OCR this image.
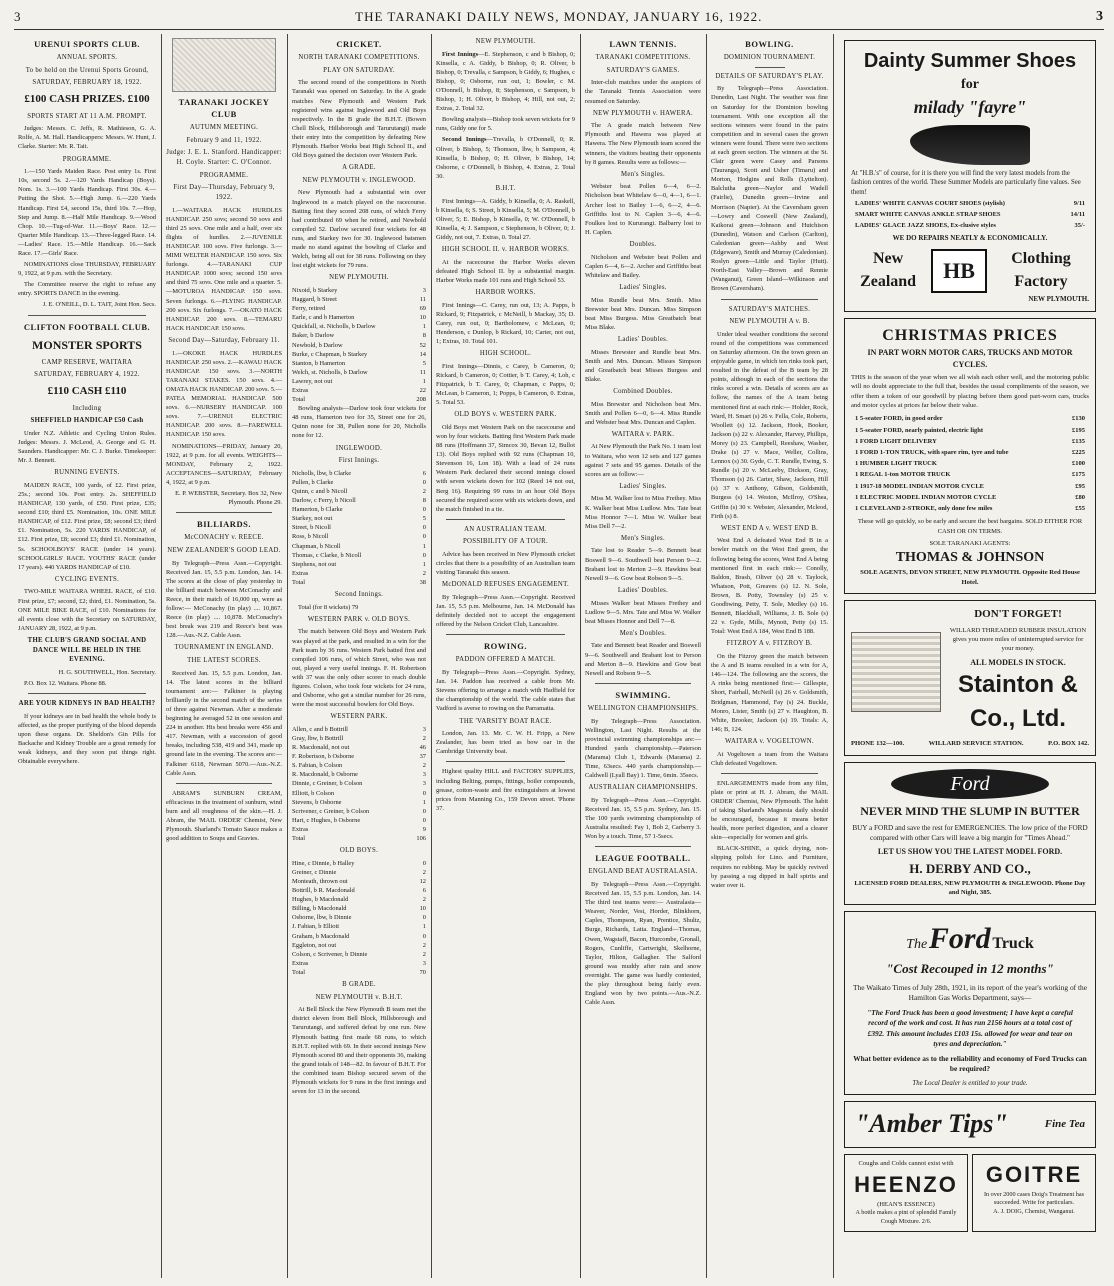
3	THE TARANAKI DAILY NEWS, MONDAY, JANUARY 16, 1922.	3
URENUI SPORTS CLUB.
ANNUAL SPORTS.
To be held on the Urenui Sports Ground,
SATURDAY, FEBRUARY 18, 1922.
£100 CASH PRIZES. £100
SPORTS START AT 11 A.M. PROMPT.
Judges: Messrs. C. Jeffs, R. Mathieson, G. A. Rolfe, A. M. Hall. Handicappers: Messrs. W. Hunt, J. Clarke. Starter: Mr. R. Tait.
PROGRAMME.
1.—150 Yards Maiden Race. Post entry 1s. First 10s, second 5s. 2.—120 Yards Handicap (Boys). Nom. 1s. 3.—100 Yards Handicap. First 30s. 4.—Putting the Shot. 5.—High Jump. 6.—220 Yards Handicap. First £4, second 15s, third 10s. 7.—Hop, Step and Jump. 8.—Half Mile Handicap. 9.—Wood Chop. 10.—Tug-of-War. 11.—Boys' Race. 12.—Quarter Mile Handicap. 13.—Three-legged Race. 14.—Ladies' Race. 15.—Mile Handicap. 16.—Sack Race. 17.—Girls' Race.
NOMINATIONS close THURSDAY, FEBRUARY 9, 1922, at 9 p.m. with the Secretary.
The Committee reserve the right to refuse any entry. SPORTS DANCE in the evening.
J. E. O'NEILL, D. L. TAIT, Joint Hon. Secs.
CLIFTON FOOTBALL CLUB.
MONSTER SPORTS
CAMP RESERVE, WAITARA
SATURDAY, FEBRUARY 4, 1922.
£110 CASH £110
Including
SHEFFIELD HANDICAP £50 Cash
Under N.Z. Athletic and Cycling Union Rules. Judges: Messrs. J. McLeod, A. George and G. H. Saunders. Handicapper: Mr. C. J. Burke. Timekeeper: Mr. J. Bennett.
RUNNING EVENTS.
MAIDEN RACE, 100 yards, of £2. First prize, 25s.; second 10s. Post entry. 2s. SHEFFIELD HANDICAP, 130 yards, of £50. First prize, £35; second £10; third £5. Nomination, 10s. ONE MILE HANDICAP, of £12. First prize, £8; second £3; third £1. Nomination, 5s. 220 YARDS HANDICAP, of £12. First prize, £8; second £3; third £1. Nomination, 5s. SCHOOLBOYS' RACE (under 14 years). SCHOOLGIRLS' RACE. YOUTHS' RACE (under 17 years). 440 YARDS HANDICAP of £10.
CYCLING EVENTS.
TWO-MILE WAITARA WHEEL RACE, of £10. First prize, £7; second, £2; third, £1. Nomination, 5s. ONE MILE BIKE RACE, of £10. Nominations for all events close with the Secretary on SATURDAY, JANUARY 28, 1922, at 9 p.m.
THE CLUB'S GRAND SOCIAL AND DANCE WILL BE HELD IN THE EVENING.
H. G. SOUTHWELL, Hon. Secretary.
P.O. Box 12. Waitara. Phone 88.
ARE YOUR KIDNEYS IN BAD HEALTH?
If your kidneys are in bad health the whole body is affected, as the proper purifying of the blood depends upon these organs. Dr. Sheldon's Gin Pills for Backache and Kidney Trouble are a great remedy for weak kidneys, and they soon put things right. Obtainable everywhere.
TARANAKI JOCKEY CLUB
AUTUMN MEETING.
February 9 and 11, 1922.
Judge: J. E. L. Stanford. Handicapper: H. Coyle. Starter: C. O'Connor.
PROGRAMME.
First Day—Thursday, February 9, 1922.
1.—WAITARA HACK HURDLES HANDICAP. 250 sovs; second 50 sovs and third 25 sovs. One mile and a half, over six flights of hurdles. 2.—JUVENILE HANDICAP. 100 sovs. Five furlongs. 3.—MIMI WELTER HANDICAP. 150 sovs. Six furlongs. 4.—TARANAKI CUP HANDICAP. 1000 sovs; second 150 sovs and third 75 sovs. One mile and a quarter. 5.—MOTUROA HANDICAP. 150 sovs. Seven furlongs. 6.—FLYING HANDICAP. 200 sovs. Six furlongs. 7.—OKATO HACK HANDICAP. 200 sovs. 8.—TEMARU HACK HANDICAP. 150 sovs.
Second Day—Saturday, February 11.
1.—OKOKE HACK HURDLES HANDICAP. 250 sovs. 2.—KAWAU HACK HANDICAP. 150 sovs. 3.—NORTH TARANAKI STAKES. 150 sovs. 4.—OMATA HACK HANDICAP. 200 sovs. 5.—PATEA MEMORIAL HANDICAP. 500 sovs. 6.—NURSERY HANDICAP. 100 sovs. 7.—URENUI ELECTRIC HANDICAP. 200 sovs. 8.—FAREWELL HANDICAP. 150 sovs.
NOMINATIONS—FRIDAY, January 20, 1922, at 9 p.m. for all events. WEIGHTS—MONDAY, February 2, 1922. ACCEPTANCES—SATURDAY, February 4, 1922, at 9 p.m.
E. P. WEBSTER, Secretary. Box 32, New Plymouth. Phone 29.
BILLIARDS.
McCONACHY v. REECE.
NEW ZEALANDER'S GOOD LEAD.
By Telegraph—Press Assn.—Copyright. Received Jan. 15, 5.5 p.m. London, Jan. 14. The scores at the close of play yesterday in the billiard match between McConachy and Reece, in their match of 16,000 up, were as follow:— McConachy (in play) .... 10,867. Reece (in play) .... 10,878. McConachy's best break was 219 and Reece's best was 128.—Aus.-N.Z. Cable Assn.
TOURNAMENT IN ENGLAND.
THE LATEST SCORES.
Received Jan. 15, 5.5 p.m. London, Jan. 14. The latest scores in the billiard tournament are:— Falkiner is playing brilliantly in the second match of the series of three against Newman. After a moderate beginning he averaged 52 in one session and 224 in another. His best breaks were 456 and 417. Newman, with a succession of good breaks, including 538, 419 and 341, made up ground late in the evening. The scores are:— Falkiner 6118, Newman 5070.—Aus.-N.Z. Cable Assn.
ABRAM'S SUNBURN CREAM, efficacious in the treatment of sunburn, wind burn and all roughness of the skin.—H. J. Abram, the 'MAIL ORDER' Chemist, New Plymouth. Sharland's Tomato Sauce makes a good addition to Soups and Gravies.
CRICKET.
NORTH TARANAKI COMPETITIONS.
PLAY ON SATURDAY.
The second round of the competitions in North Taranaki was opened on Saturday. In the A grade matches New Plymouth and Western Park registered wins against Inglewood and Old Boys respectively. In the B grade the B.H.T. (Bowen Chell Block, Hillsborough and Tarurutangi) made their entry into the competition by defeating New Plymouth. Harbor Works beat High School II., and Old Boys gained the decision over Western Park.
A GRADE.
NEW PLYMOUTH v. INGLEWOOD.
New Plymouth had a substantial win over Inglewood in a match played on the racecourse. Batting first they scored 208 runs, of which Ferry had contributed 69 when he retired, and Newbold compiled 52. Darlow secured four wickets for 48 runs, and Starkey two for 30. Inglewood batsmen made no stand against the bowling of Clarke and Welch, being all out for 38 runs. Following on they lost eight wickets for 79 runs.
NEW PLYMOUTH.
Nixoid, b Starkey	3
Haggard, b Street	11
Ferry, retired	69
Earle, c and b Hamerton	10
Quickfall, st. Nicholls, b Darlow	1
Baker, b Darlow	8
Newbold, b Darlow	52
Burke, c Chapman, b Starkey	14
Stanton, b Hamerton	5
Welch, st. Nicholls, b Darlow	11
Lawrey, not out	1
Extras	22
Total	208
Bowling analysis—Darlow took four wickets for 48 runs, Hamerton two for 35, Street one for 26, Quinn none for 38, Pullen none for 20, Nicholls none for 12.
INGLEWOOD.
First Innings.
Nicholls, lbw, b Clarke	6
Pullen, b Clarke	0
Quinn, c and b Nicoll	2
Darlow, c Ferry, b Nicoll	8
Hamerton, b Clarke	0
Starkey, not out	5
Street, b Nicoll	0
Ross, b Nicoll	0
Chapman, b Nicoll	1
Thomas, c Clarke, b Nicoll	0
Stephens, not out	1
Extras	2
Total	38
Second Innings.
Total (for 8 wickets) 79
WESTERN PARK v. OLD BOYS.
The match between Old Boys and Western Park was played at the park, and resulted in a win for the Park team by 36 runs. Western Park batted first and compiled 106 runs, of which Street, who was not out, played a very useful innings. F. H. Robertson with 37 was the only other scorer to reach double figures. Colson, who took four wickets for 24 runs, and Osborne, who got a similar number for 26 runs, were the most successful bowlers for Old Boys.
WESTERN PARK.
Allen, c and b Bottrill	3
Gray, lbw, b Bottrill	2
R. Macdonald, not out	46
F. Robertson, b Osborne	37
S. Fabian, b Colson	2
R. Macdonald, b Osborne	3
Dinnie, c Greiner, b Colson	3
Elliott, b Colson	0
Stevens, b Osborne	1
Scrivener, c Greiner, b Colson	0
Hart, c Hughes, b Osborne	0
Extras	9
Total	106
OLD BOYS.
Hine, c Dinnie, b Halley	0
Greiner, c Dinnie	2
Monteath, thrown out	12
Bottrill, b R. Macdonald	6
Hughes, b Macdonald	2
Billing, b Macdonald	10
Osborne, lbw, b Dinnie	0
J. Fabian, b Elliott	1
Graham, b Macdonald	0
Eggleton, not out	2
Colson, c Scrivener, b Dinnie	2
Extras	3
Total	70
B GRADE.
NEW PLYMOUTH v. B.H.T.
At Bell Block the New Plymouth B team met the district eleven from Bell Block, Hillsborough and Tarurutangi, and suffered defeat by one run. New Plymouth batting first made 68 runs, to which B.H.T. replied with 69. In their second innings New Plymouth scored 80 and their opponents 36, making the grand totals of 148—82. In favour of B.H.T. For the combined team Bishop secured seven of the Plymouth wickets for 9 runs in the first innings and seven for 13 in the second.
NEW PLYMOUTH.
First Innings—E. Stephenson, c and b Bishop, 0; Kinsella, c A. Giddy, b Bishop, 0; R. Oliver, b Bishop, 0; Trevalla, c Sampson, b Giddy, 6; Hughes, c Bishop, 0; Osborne, run out, 1; Bowler, c M. O'Donnell, b Bishop, 8; Stephenson, c Sampson, b Bishop, 1; H. Oliver, b Bishop, 4; Hill, not out, 2; Extras, 2. Total 32.
Bowling analysis—Bishop took seven wickets for 9 runs, Giddy one for 5.
Second Innings—Trevalla, b O'Donnell, 0; R. Oliver, b Bishop, 5; Thomson, lbw, b Sampson, 4; Kinsella, b Bishop, 0; H. Oliver, b Bishop, 14; Osborne, c O'Donnell, b Bishop, 4. Extras, 2. Total 30.
B.H.T.
First Innings—A. Giddy, b Kinsella, 0; A. Raskell, b Kinsella, 6; S. Street, b Kinsella, 5; M. O'Donnell, b Oliver, 5; E. Bishop, b Kinsella, 0; W. O'Donnell, b Kinsella, 4; J. Sampson, c Stephenson, b Oliver, 0; J. Giddy, not out, 7. Extras, 0. Total 27.
HIGH SCHOOL II. v. HARBOR WORKS.
At the racecourse the Harbor Works eleven defeated High School II. by a substantial margin. Harbor Works made 101 runs and High School 53.
HARBOR WORKS.
First Innings—C. Carey, run out, 13; A. Papps, b Rickard, 9; Fitzpatrick, c McNeill, b Mackay, 35; D. Carey, run out, 0; Bartholomew, c McLean, 0; Henderson, c Dunlop, b Rickard, 10; Carter, not out, 1; Extras, 10. Total 101.
HIGH SCHOOL.
First Innings—Dinnis, c Carey, b Cameron, 0; Rickard, b Cameron, 0; Cottier, b T. Carey, 4; Loh, c Fitzpatrick, b T. Carey, 0; Chapman, c Papps, 0; McLean, b Cameron, 1; Popps, b Cameron, 0. Extras, 5. Total 53.
OLD BOYS v. WESTERN PARK.
Old Boys met Western Park on the racecourse and won by four wickets. Batting first Western Park made 88 runs (Hoffmann 37, Simcox 30, Bevan 12, Bullot 13). Old Boys replied with 92 runs (Chapman 10, Stevenson 16, Lon 18). With a lead of 24 runs Western Park declared their second innings closed with seven wickets down for 102 (Reed 14 not out, Berg 16). Requiring 99 runs in an hour Old Boys secured the required score with six wickets down, and the match finished in a tie.
AN AUSTRALIAN TEAM.
POSSIBILITY OF A TOUR.
Advice has been received in New Plymouth cricket circles that there is a possibility of an Australian team visiting Taranaki this season.
McDONALD REFUSES ENGAGEMENT.
By Telegraph—Press Assn.—Copyright. Received Jan. 15, 5.5 p.m. Melbourne, Jan. 14. McDonald has definitely decided not to accept the engagement offered by the Nelson Cricket Club, Lancashire.
ROWING.
PADDON OFFERED A MATCH.
By Telegraph—Press Assn.—Copyright. Sydney, Jan. 14. Paddon has received a cable from Mr. Stevens offering to arrange a match with Hadfield for the championship of the world. The cable states that Vadford is averse to rowing on the Parramatta.
THE 'VARSITY BOAT RACE.
London, Jan. 13. Mr. C. W. H. Fripp, a New Zealander, has been tried as bow oar in the Cambridge University boat.
Highest quality HILL and FACTORY SUPPLIES, including Belting, pumps, fittings, boiler compounds, grease, cotton-waste and fire extinguishers at lowest prices from Manning Co., 159 Devon street. 'Phone 37.
LAWN TENNIS.
TARANAKI COMPETITIONS.
SATURDAY'S GAMES.
Inter-club matches under the auspices of the Taranaki Tennis Association were resumed on Saturday.
NEW PLYMOUTH v. HAWERA.
The A grade match between New Plymouth and Hawera was played at Hawera. The New Plymouth team scored the winners, the visitors beating their opponents by 8 games. Results were as follows:—
Men's Singles.
Webster beat Pollen 6—4, 6—2. Nicholson beat Whitelaw 6—0, 4—1, 6—1. Archer lost to Bailey 1—6, 6—2, 4—6. Griffiths lost to N. Caplen 3—6, 4—6. Foulkes lost to Kururangi. Balbarry lost to H. Caplen.
Doubles.
Nicholson and Webster beat Pollen and Caplen 6—4, 6—2. Archer and Griffiths beat Whitelaw and Bailey.
Ladies' Singles.
Miss Rundle beat Mrs. Smith. Miss Brewster beat Mrs. Duncan. Miss Simpson beat Miss Burgess. Miss Greatbatch beat Miss Blake.
Ladies' Doubles.
Misses Brewster and Rundle beat Mrs. Smith and Mrs. Duncan. Misses Simpson and Greatbatch beat Misses Burgess and Blake.
Combined Doubles.
Miss Brewster and Nicholson beat Mrs. Smith and Pollen 6—0, 6—4. Miss Rundle and Webster beat Mrs. Duncan and Caplen.
WAITARA v. PARK.
At New Plymouth the Park No. 1 team lost to Waitara, who won 12 sets and 127 games against 7 sets and 95 games. Details of the scores are as follow:—
Ladies' Singles.
Miss M. Walker lost to Miss Frethey. Miss K. Walker beat Miss Ludlow. Mrs. Tate beat Miss Honnor 7—1. Miss W. Walker beat Miss Dell 7—2.
Men's Singles.
Tate lost to Reader 5—9. Bennett beat Boswell 9—6. Southwell beat Person 9—2. Brabant lost to Merton 2—9. Hawkins beat Newell 9—6. Gow beat Robson 9—5.
Ladies' Doubles.
Misses Walker beat Misses Frethey and Ludlow 9—5. Mrs. Tate and Miss W. Walker beat Misses Honnor and Dell 7—8.
Men's Doubles.
Tate and Bennett beat Reader and Boswell 9—6. Southwell and Brabant lost to Person and Merton 8—9. Hawkins and Gow beat Newell and Robson 9—5.
SWIMMING.
WELLINGTON CHAMPIONSHIPS.
By Telegraph—Press Association. Wellington, Last Night. Results at the provincial swimming championships are:— Hundred yards championship.—Paterson (Marama) Club 1, Edwards (Marama) 2. Time, 63secs. 440 yards championship.—Caldwell (Lyall Bay) 1. Time, 6min. 35secs.
AUSTRALIAN CHAMPIONSHIPS.
By Telegraph—Press Assn.—Copyright. Received Jan. 15, 5.5 p.m. Sydney, Jan. 15. The 100 yards swimming championship of Australia resulted: Fay 1, Bob 2, Carberry 3. Won by a touch. Time, 57 1-5secs.
LEAGUE FOOTBALL.
ENGLAND BEAT AUSTRALASIA.
By Telegraph—Press Assn.—Copyright. Received Jan. 15, 5.5 p.m. London, Jan. 14. The third test teams were:— Australasia—Weaver, Norder, Vest, Horder, Blinkhorn, Caples, Thompson, Ryan, Prentice, Shultz, Burge, Richards, Latta. England—Thomas, Owen, Wagstaff, Bacon, Hurcombe, Gronall, Rogers, Cunliffe, Cartwright, Skelhorne, Taylor, Hilton, Gallagher. The Salford ground was muddy after rain and snow overnight. The game was hardly contested, the play throughout being fairly even. England won by two points.—Aus.-N.Z. Cable Assn.
BOWLING.
DOMINION TOURNAMENT.
DETAILS OF SATURDAY'S PLAY.
By Telegraph—Press Association. Dunedin, Last Night. The weather was fine on Saturday for the Dominion bowling tournament. With one exception all the sections winners were found in the pairs competition and in several cases the grown winners were found. There were two sections at each green section. The winners at the St. Clair green were Casey and Parsons (Tauranga), Scott and Usher (Timaru) and Morton, Hodgins and Rolls (Lyttelton). Balclutha green—Naylor and Wadell (Fairlie), Dunedin green—Irvine and Morrison (Napier). At the Caversham green—Lowry and Coswell (New Zealand), Kaikorai green—Johnson and Hutchison (Dunedin), Watson and Carlson (Carlton), Caledonian green—Ashby and West (Edgeware), Smith and Murray (Caledonian). Roslyn green—Little and Taylor (Hutt). North-East Valley—Brown and Rennie (Wanganui), Green Island—Wilkinson and Brown (Caversham).
SATURDAY'S MATCHES.
NEW PLYMOUTH A v. B.
Under ideal weather conditions the second round of the competitions was commenced on Saturday afternoon. On the town green an enjoyable game, in which ten rinks took part, resulted in the defeat of the B team by 28 points, although in each of the sections the rinks scored a win. Details of scores are as follow, the names of the A team being mentioned first at each rink:— Holder, Rock, Ward, H. Smart (s) 26 v. Fella, Cole, Roberts, Woollett (s) 12. Jackson, Hook, Booker, Jackson (s) 22 v. Alexander, Harvey, Phillips, Morey (s) 23. Campbell, Reeshaw, Washer, Drake (s) 27 v. Mace, Weller, Collins, Lennox (s) 30. Gyde, C. T. Rundle, Ewing, S. Rundle (s) 20 v. McLeeby, Dickson, Gray, Thomson (s) 26. Carter, Shaw, Jackson, Hill (s) 37 v. Anthony, Gibson, Goldsmith, Burgess (s) 14. Weston, McIlroy, O'Shea, Griffin (s) 30 v. Webster, Alexander, Mcleod, Firth (s) 8.
WEST END A v. WEST END B.
West End A defeated West End B in a bowler match on the West End green, the following being the scores, West End A being mentioned first in each rink:— Conolly, Baldon, Brash, Oliver (s) 28 v. Taylock, Whatson, Pott, Greaves (s) 12. N. Sole, Brown, B. Potty, Townsley (s) 25 v. Goodbwing, Petty, T. Sole, Medley (s) 16. Bennett, Blackhall, Williams, J. B. Sole (s) 22 v. Gyde, Mills, Mynott, Petty (s) 15. Total: West End A 184, West End B 188.
FITZROY A v. FITZROY B.
On the Fitzroy green the match between the A and B teams resulted in a win for A, 146—124. The following are the scores, the A rinks being mentioned first:— Gillespie, Short, Fairhall, McNeill (s) 26 v. Goldsmith, Bridgman, Hammond, Fay (s) 24. Buckle, Monro, Lister, Smith (s) 27 v. Haughton, B. White, Brooker, Jackson (s) 19. Totals: A, 146; B, 124.
WAITARA v. VOGELTOWN.
At Vogeltown a team from the Waitara Club defeated Vogeltown.
ENLARGEMENTS made from any film, plate or print at H. J. Abram, the 'MAIL ORDER' Chemist, New Plymouth. The habit of taking Sharland's Magnesia daily should be encouraged, because it means better health, more perfect digestion, and a clearer skin—especially for women and girls.
BLACK-SHINE, a quick drying, non-slipping polish for Lino. and Furniture, requires no rubbing. May be quickly revived by passing a rag dipped in half spirits and water over it.
Dainty Summer Shoes
for
milady "fayre"
At "H.B.'s" of course, for it is there you will find the very latest models from the fashion centres of the world. These Summer Models are particularly fine values. See them!
LADIES' WHITE CANVAS COURT SHOES (stylish)	9/11
SMART WHITE CANVAS ANKLE STRAP SHOES	14/11
LADIES' GLACE JAZZ SHOES, Ex-clusive styles	35/-
WE DO REPAIRS NEATLY & ECONOMICALLY.
New Zealand	HB	Clothing Factory
NEW PLYMOUTH.
CHRISTMAS PRICES
IN PART WORN MOTOR CARS, TRUCKS AND MOTOR CYCLES.
THIS is the season of the year when we all wish each other well, and the motoring public will no doubt appreciate to the full that, besides the usual compliments of the season, we offer them a token of our goodwill by placing before them good part-worn cars, trucks and motor cycles at prices far below their value.
1 5-seater FORD, in good order	£130
1 5-seater FORD, nearly painted, electric light	£195
1 FORD LIGHT DELIVERY	£135
1 FORD 1-TON TRUCK, with spare rim, tyre and tube	£225
1 HUMBER LIGHT TRUCK	£100
1 REGAL 1-ton MOTOR TRUCK	£175
1 1917-18 MODEL INDIAN MOTOR CYCLE	£95
1 ELECTRIC MODEL INDIAN MOTOR CYCLE	£80
1 CLEVELAND 2-STROKE, only done few miles	£55
These will go quickly, so be early and secure the best bargains. SOLD EITHER FOR CASH OR ON TERMS.
SOLE TARANAKI AGENTS:
THOMAS & JOHNSON
SOLE AGENTS, DEVON STREET, NEW PLYMOUTH. Opposite Red House Hotel.
DON'T FORGET!
WILLARD THREADED RUBBER INSULATION gives you more miles of uninterrupted service for your money.
ALL MODELS IN STOCK.
Stainton & Co., Ltd.
PHONE 132—100.	WILLARD SERVICE STATION.	P.O. BOX 142.
Ford
NEVER MIND THE SLUMP IN BUTTER
BUY a FORD and save the rest for EMERGENCIES. The low price of the FORD compared with other Cars will leave a big margin for "Times Ahead."
LET US SHOW YOU THE LATEST MODEL FORD.
H. DERBY AND CO.,
LICENSED FORD DEALERS, NEW PLYMOUTH & INGLEWOOD. Phone Day and Night, 385.
The Ford Truck
"Cost Recouped in 12 months"
The Waikato Times of July 28th, 1921, in its report of the year's working of the Hamilton Gas Works Department, says—
"The Ford Truck has been a good investment; I have kept a careful record of the work and cost. It has run 2156 hours at a total cost of £392. This amount includes £103 15s. allowed for wear and tear on tyres and depreciation."
What better evidence as to the reliability and economy of Ford Trucks can be required?
The Local Dealer is entitled to your trade.
"Amber Tips"	Fine Tea
Coughs and Colds cannot exist with
HEENZO
(HEAN'S ESSENCE)
A bottle makes a pint of splendid Family Cough Mixture. 2/6.
GOITRE
In over 2000 cases Doig's Treatment has succeeded. Write for particulars.
A. J. DOIG, Chemist, Wanganui.
